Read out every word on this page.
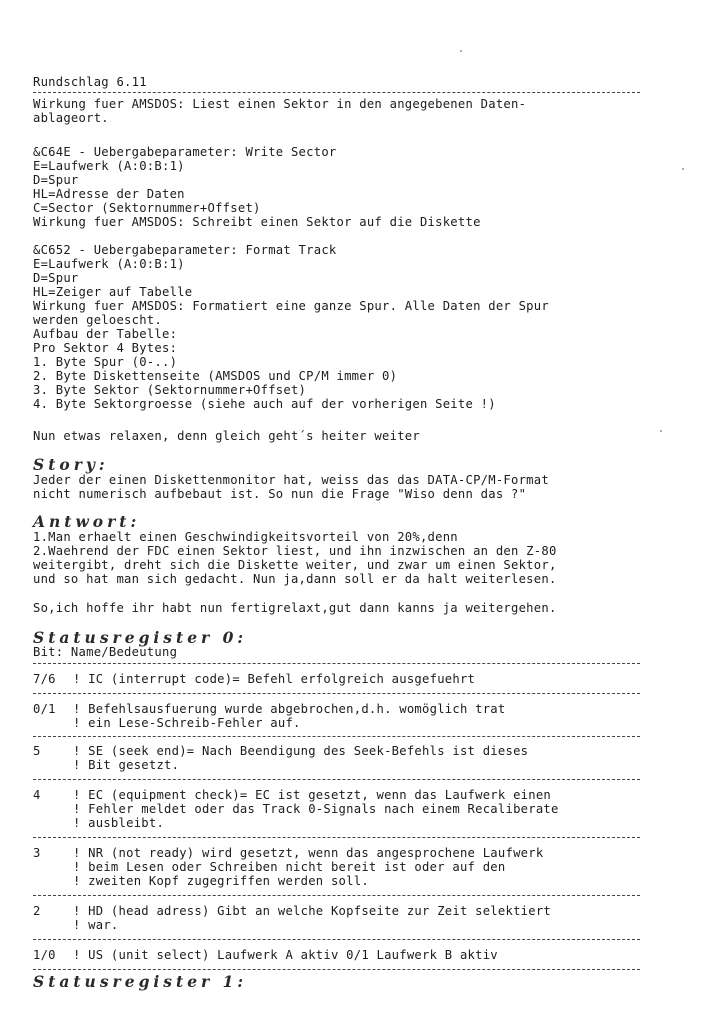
Rundschlag 6.11
Wirkung fuer AMSDOS: Liest einen Sektor in den angegebenen Daten-
ablageort.
&C64E - Uebergabeparameter: Write Sector
E=Laufwerk (A:0:B:1)
D=Spur
HL=Adresse der Daten
C=Sector (Sektornummer+Offset)
Wirkung fuer AMSDOS: Schreibt einen Sektor auf die Diskette
&C652 - Uebergabeparameter: Format Track
E=Laufwerk (A:0:B:1)
D=Spur
HL=Zeiger auf Tabelle
Wirkung fuer AMSDOS: Formatiert eine ganze Spur. Alle Daten der Spur
werden geloescht.
Aufbau der Tabelle:
Pro Sektor 4 Bytes:
1. Byte Spur (0-..)
2. Byte Diskettenseite (AMSDOS und CP/M immer 0)
3. Byte Sektor (Sektornummer+Offset)
4. Byte Sektorgroesse (siehe auch auf der vorherigen Seite !)
Nun etwas relaxen, denn gleich geht´s heiter weiter
Story:
Jeder der einen Diskettenmonitor hat, weiss das das DATA-CP/M-Format
nicht numerisch aufbebaut ist. So nun die Frage "Wiso denn das ?"
Antwort:
1.Man erhaelt einen Geschwindigkeitsvorteil von 20%,denn
2.Waehrend der FDC einen Sektor liest, und ihn inzwischen an den Z-80
weitergibt, dreht sich die Diskette weiter, und zwar um einen Sektor,
und so hat man sich gedacht. Nun ja,dann soll er da halt weiterlesen.
So,ich hoffe ihr habt nun fertigrelaxt,gut dann kanns ja weitergehen.
Statusregister 0:
Bit: Name/Bedeutung
7/6 ! IC (interrupt code)= Befehl erfolgreich ausgefuehrt
0/1 ! Befehlsausfuerung wurde abgebrochen,d.h. womöglich trat
! ein Lese-Schreib-Fehler auf.
5	! SE (seek end)= Nach Beendigung des Seek-Befehls ist dieses
! Bit gesetzt.
4	! EC (equipment check)= EC ist gesetzt, wenn das Laufwerk einen
! Fehler meldet oder das Track 0-Signals nach einem Recaliberate
! ausbleibt.
3	! NR (not ready) wird gesetzt, wenn das angesprochene Laufwerk
! beim Lesen oder Schreiben nicht bereit ist oder auf den
! zweiten Kopf zugegriffen werden soll.
2	! HD (head adress) Gibt an welche Kopfseite zur Zeit selektiert
! war.
1/0 ! US (unit select) Laufwerk A aktiv 0/1 Laufwerk B aktiv
Statusregister 1:
